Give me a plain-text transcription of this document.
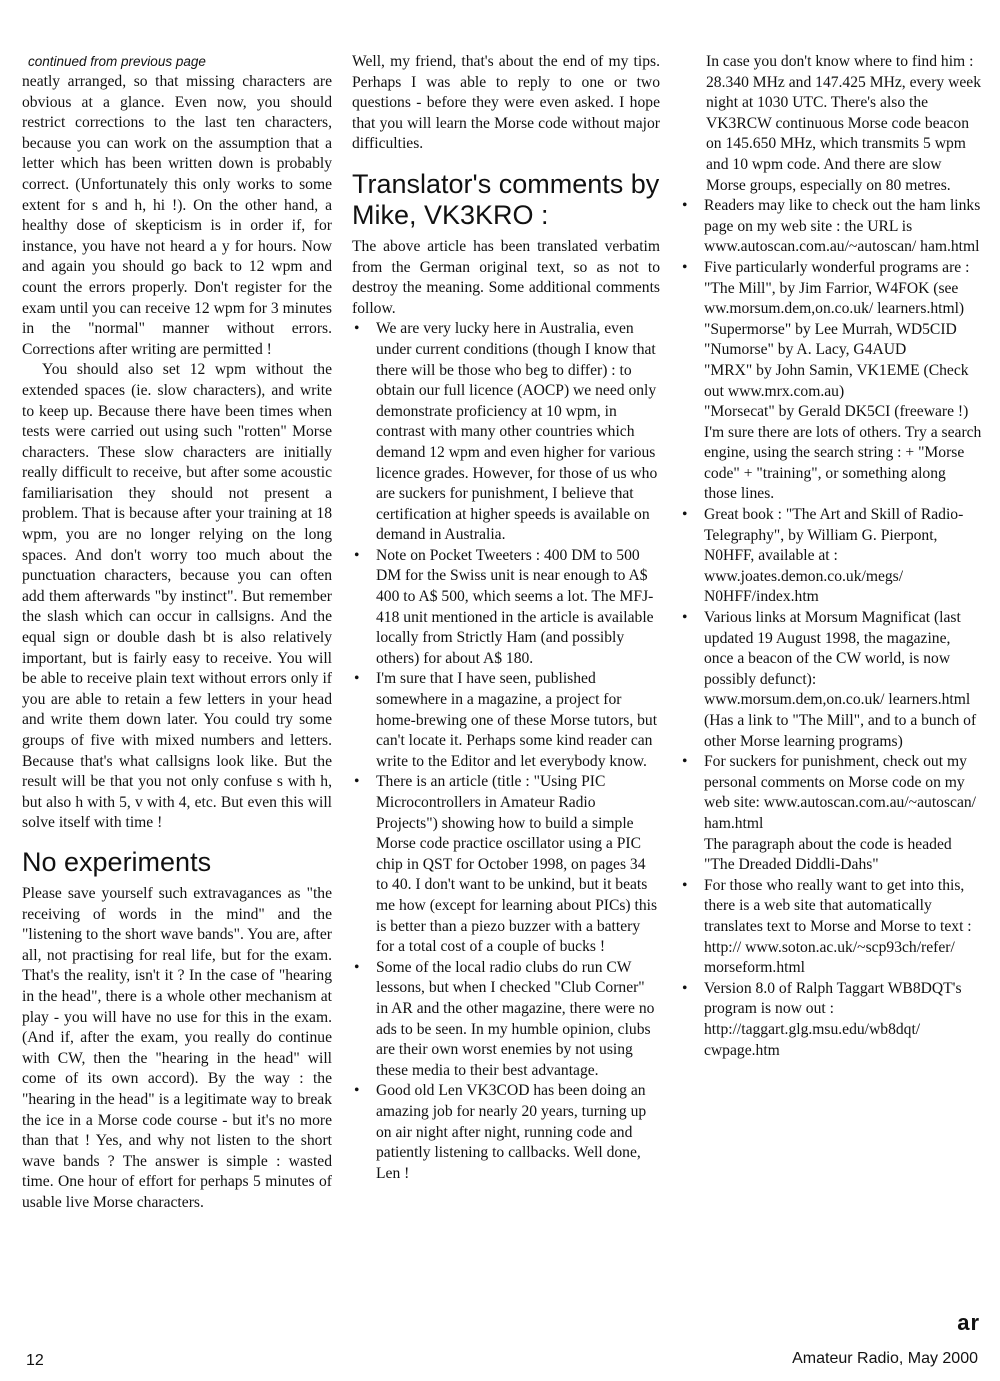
continued from previous page

neatly arranged, so that missing characters are obvious at a glance. Even now, you should restrict corrections to the last ten characters, because you can work on the assumption that a letter which has been written down is probably correct. (Unfortunately this only works to some extent for s and h, hi !). On the other hand, a healthy dose of skepticism is in order if, for instance, you have not heard a y for hours. Now and again you should go back to 12 wpm and count the errors properly. Don't register for the exam until you can receive 12 wpm for 3 minutes in the "normal" manner without errors. Corrections after writing are permitted !

You should also set 12 wpm without the extended spaces (ie. slow characters), and write to keep up. Because there have been times when tests were carried out using such "rotten" Morse characters. These slow characters are initially really difficult to receive, but after some acoustic familiarisation they should not present a problem. That is because after your training at 18 wpm, you are no longer relying on the long spaces. And don't worry too much about the punctuation characters, because you can often add them afterwards "by instinct". But remember the slash which can occur in callsigns. And the equal sign or double dash bt is also relatively important, but is fairly easy to receive. You will be able to receive plain text without errors only if you are able to retain a few letters in your head and write them down later. You could try some groups of five with mixed numbers and letters. Because that's what callsigns look like. But the result will be that you not only confuse s with h, but also h with 5, v with 4, etc. But even this will solve itself with time !

No experiments

Please save yourself such extravagances as "the receiving of words in the mind" and the "listening to the short wave bands". You are, after all, not practising for real life, but for the exam. That's the reality, isn't it ? In the case of "hearing in the head", there is a whole other mechanism at play - you will have no use for this in the exam. (And if, after the exam, you really do continue with CW, then the "hearing in the head" will come of its own accord). By the way : the "hearing in the head" is a legitimate way to break the ice in a Morse code course - but it's no more than that ! Yes, and why not listen to the short wave bands ? The answer is simple : wasted time. One hour of effort for perhaps 5 minutes of usable live Morse characters.

Well, my friend, that's about the end of my tips. Perhaps I was able to reply to one or two questions - before they were even asked. I hope that you will learn the Morse code without major difficulties.

Translator's comments by Mike, VK3KRO :

The above article has been translated verbatim from the German original text, so as not to destroy the meaning. Some additional comments follow.

• We are very lucky here in Australia, even under current conditions (though I know that there will be those who beg to differ) : to obtain our full licence (AOCP) we need only demonstrate proficiency at 10 wpm, in contrast with many other countries which demand 12 wpm and even higher for various licence grades. However, for those of us who are suckers for punishment, I believe that certification at higher speeds is available on demand in Australia.
• Note on Pocket Tweeters : 400 DM to 500 DM for the Swiss unit is near enough to A$ 400 to A$ 500, which seems a lot. The MFJ-418 unit mentioned in the article is available locally from Strictly Ham (and possibly others) for about A$ 180.
• I'm sure that I have seen, published somewhere in a magazine, a project for home-brewing one of these Morse tutors, but can't locate it. Perhaps some kind reader can write to the Editor and let everybody know.
• There is an article (title : "Using PIC Microcontrollers in Amateur Radio Projects") showing how to build a simple Morse code practice oscillator using a PIC chip in QST for October 1998, on pages 34 to 40. I don't want to be unkind, but it beats me how (except for learning about PICs) this is better than a piezo buzzer with a battery for a total cost of a couple of bucks !
• Some of the local radio clubs do run CW lessons, but when I checked "Club Corner" in AR and the other magazine, there were no ads to be seen. In my humble opinion, clubs are their own worst enemies by not using these media to their best advantage.
• Good old Len VK3COD has been doing an amazing job for nearly 20 years, turning up on air night after night, running code and patiently listening to callbacks. Well done, Len !

In case you don't know where to find him : 28.340 MHz and 147.425 MHz, every week night at 1030 UTC. There's also the VK3RCW continuous Morse code beacon on 145.650 MHz, which transmits 5 wpm and 10 wpm code. And there are slow Morse groups, especially on 80 metres.

• Readers may like to check out the ham links page on my web site : the URL is www.autoscan.com.au/~autoscan/ ham.html
• Five particularly wonderful programs are :
"The Mill", by Jim Farrior, W4FOK (see ww.morsum.dem,on.co.uk/ learners.html)
"Supermorse" by Lee Murrah, WD5CID
"Numorse" by A. Lacy, G4AUD
"MRX" by John Samin, VK1EME (Check out www.mrx.com.au)
"Morsecat" by Gerald DK5CI (freeware !)
I'm sure there are lots of others. Try a search engine, using the search string : + "Morse code" + "training", or something along those lines.
• Great book : "The Art and Skill of Radio-Telegraphy", by William G. Pierpont, N0HFF, available at : www.joates.demon.co.uk/megs/ N0HFF/index.htm
• Various links at Morsum Magnificat (last updated 19 August 1998, the magazine, once a beacon of the CW world, is now possibly defunct): www.morsum.dem,on.co.uk/ learners.html
(Has a link to "The Mill", and to a bunch of other Morse learning programs)
• For suckers for punishment, check out my personal comments on Morse code on my web site: www.autoscan.com.au/~autoscan/ ham.html
The paragraph about the code is headed "The Dreaded Diddli-Dahs"
• For those who really want to get into this, there is a web site that automatically translates text to Morse and Morse to text : http:// www.soton.ac.uk/~scp93ch/refer/ morseform.html
• Version 8.0 of Ralph Taggart WB8DQT's program is now out : http://taggart.glg.msu.edu/wb8dqt/ cwpage.htm
ar
12	Amateur Radio, May 2000
